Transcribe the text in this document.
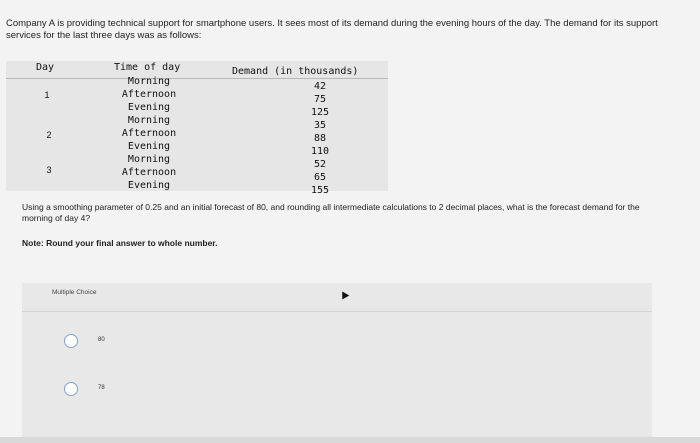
Company A is providing technical support for smartphone users. It sees most of its demand during the evening hours of the day. The demand for its support services for the last three days was as follows:
Day	Time of day	Demand (in thousands)
1
2
3
Morning
Afternoon
Evening
Morning
Afternoon
Evening
Morning
Afternoon
Evening
42
75
125
35
88
110
52
65
155
Using a smoothing parameter of 0.25 and an initial forecast of 80, and rounding all intermediate calculations to 2 decimal places, what is the forecast demand for the morning of day 4?
Note: Round your final answer to whole number.
Multiple Choice
80
78
